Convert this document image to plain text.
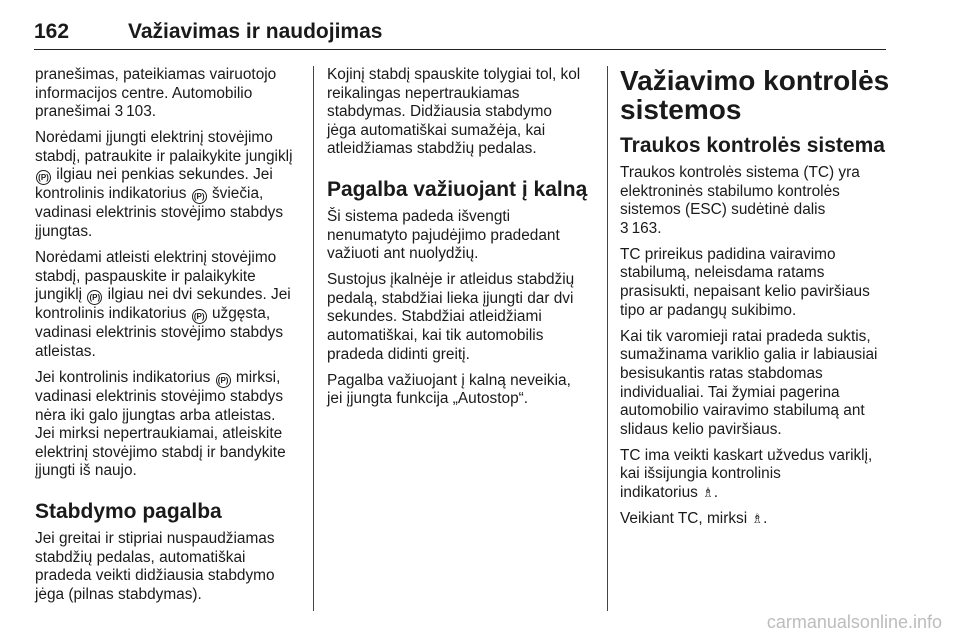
162	Važiavimas ir naudojimas

pranešimas, pateikiamas vairuotojo
informacijos centre. Automobilio
pranešimai 3 103.

Norėdami įjungti elektrinį stovėjimo
stabdį, patraukite ir palaikykite jungiklį
(P) ilgiau nei penkias sekundes. Jei
kontrolinis indikatorius (P) šviečia,
vadinasi elektrinis stovėjimo stabdys
įjungtas.

Norėdami atleisti elektrinį stovėjimo
stabdį, paspauskite ir palaikykite
jungiklį (P) ilgiau nei dvi sekundes. Jei
kontrolinis indikatorius (P) užgęsta,
vadinasi elektrinis stovėjimo stabdys
atleistas.

Jei kontrolinis indikatorius (P) mirksi,
vadinasi elektrinis stovėjimo stabdys
nėra iki galo įjungtas arba atleistas.
Jei mirksi nepertraukiamai, atleiskite
elektrinį stovėjimo stabdį ir bandykite
įjungti iš naujo.

Stabdymo pagalba

Jei greitai ir stipriai nuspaudžiamas
stabdžių pedalas, automatiškai
pradeda veikti didžiausia stabdymo
jėga (pilnas stabdymas).

Kojinį stabdį spauskite tolygiai tol, kol
reikalingas nepertraukiamas
stabdymas. Didžiausia stabdymo
jėga automatiškai sumažėja, kai
atleidžiamas stabdžių pedalas.

Pagalba važiuojant į kalną

Ši sistema padeda išvengti
nenumatyto pajudėjimo pradedant
važiuoti ant nuolydžių.

Sustojus įkalnėje ir atleidus stabdžių
pedalą, stabdžiai lieka įjungti dar dvi
sekundes. Stabdžiai atleidžiami
automatiškai, kai tik automobilis
pradeda didinti greitį.

Pagalba važiuojant į kalną neveikia,
jei įjungta funkcija „Autostop“.

Važiavimo kontrolės
sistemos
Traukos kontrolės sistema

Traukos kontrolės sistema (TC) yra
elektroninės stabilumo kontrolės
sistemos (ESC) sudėtinė dalis
3 163.

TC prireikus padidina vairavimo
stabilumą, neleisdama ratams
prasisukti, nepaisant kelio paviršiaus
tipo ar padangų sukibimo.

Kai tik varomieji ratai pradeda suktis,
sumažinama variklio galia ir labiausiai
besisukantis ratas stabdomas
individualiai. Tai žymiai pagerina
automobilio vairavimo stabilumą ant
slidaus kelio paviršiaus.

TC ima veikti kaskart užvedus variklį,
kai išsijungia kontrolinis
indikatorius ♗.

Veikiant TC, mirksi ♗.

carmanualsonline.info
